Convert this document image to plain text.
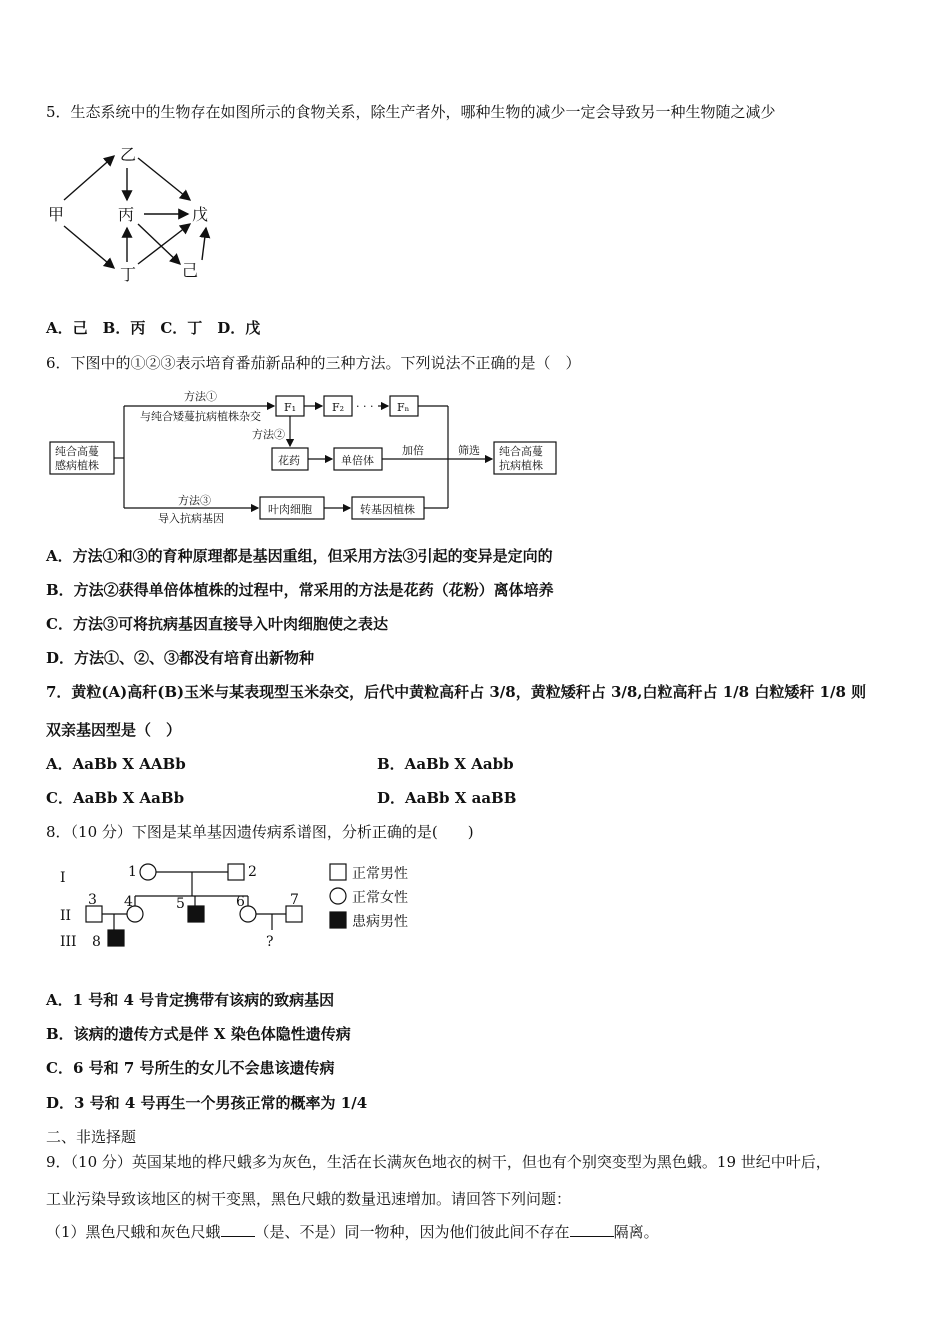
5．生态系统中的生物存在如图所示的食物关系，除生产者外，哪种生物的减少一定会导致另一种生物随之减少
甲
乙
丙	戊
丁	己
A．己　B．丙　C．丁　D．戊
6．下图中的①②③表示培育番茄新品种的三种方法。下列说法不正确的是（　）
纯合高蔓
感病植株
方法①
与纯合矮蔓抗病植株杂交
F₁	F₂ · · · Fₙ
方法②
花药	单倍体
加倍	筛选 纯合高蔓
抗病植株
方法③
导入抗病基因
叶肉细胞	转基因植株
A．方法①和③的育种原理都是基因重组，但采用方法③引起的变异是定向的
B．方法②获得单倍体植株的过程中，常采用的方法是花药（花粉）离体培养
C．方法③可将抗病基因直接导入叶肉细胞使之表达
D．方法①、②、③都没有培育出新物种
7．黄粒(A)高秆(B)玉米与某表现型玉米杂交，后代中黄粒高秆占 3/8，黄粒矮秆占 3/8,白粒高秆占 1/8 白粒矮秆 1/8 则
双亲基因型是（　）
A．AaBb X AABb	B．AaBb X Aabb
C．AaBb X AaBb	D．AaBb X aaBB
8．（10 分）下图是某单基因遗传病系谱图，分析正确的是(　　)
I
II
III
1	2
3 4	5	6	7
8	?
正常男性
正常女性
患病男性
A．1 号和 4 号肯定携带有该病的致病基因
B．该病的遗传方式是伴 X 染色体隐性遗传病
C．6 号和 7 号所生的女儿不会患该遗传病
D．3 号和 4 号再生一个男孩正常的概率为 1/4
二、非选择题
9．（10 分）英国某地的桦尺蛾多为灰色，生活在长满灰色地衣的树干，但也有个别突变型为黑色蛾。19 世纪中叶后，
工业污染导致该地区的树干变黑，黑色尺蛾的数量迅速增加。请回答下列问题：
（1）黑色尺蛾和灰色尺蛾 （是、不是）同一物种，因为他们彼此间不存在	隔离。
